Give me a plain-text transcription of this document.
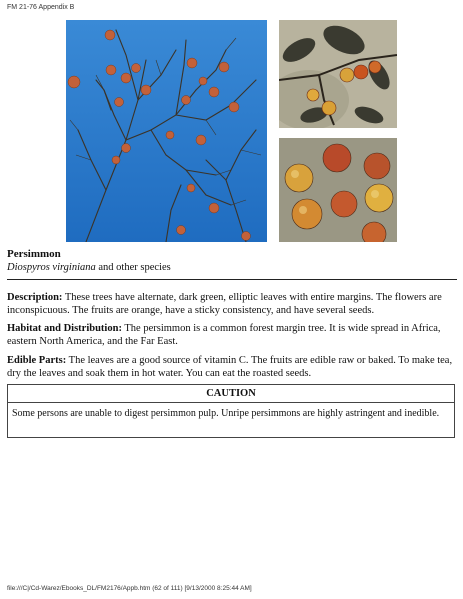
FM 21-76 Appendix B
Persimmon
Diospyros virginiana and other species
Description: These trees have alternate, dark green, elliptic leaves with entire margins. The flowers are inconspicuous. The fruits are orange, have a sticky consistency, and have several seeds.
Habitat and Distribution: The persimmon is a common forest margin tree. It is wide spread in Africa, eastern North America, and the Far East.
Edible Parts: The leaves are a good source of vitamin C. The fruits are edible raw or baked. To make tea, dry the leaves and soak them in hot water. You can eat the roasted seeds.
CAUTION
Some persons are unable to digest persimmon pulp. Unripe persimmons are highly astringent and inedible.
file:///C|/Cd-Warez/Ebooks_DL/FM2176/Appb.htm (62 of 111) [9/13/2000 8:25:44 AM]
